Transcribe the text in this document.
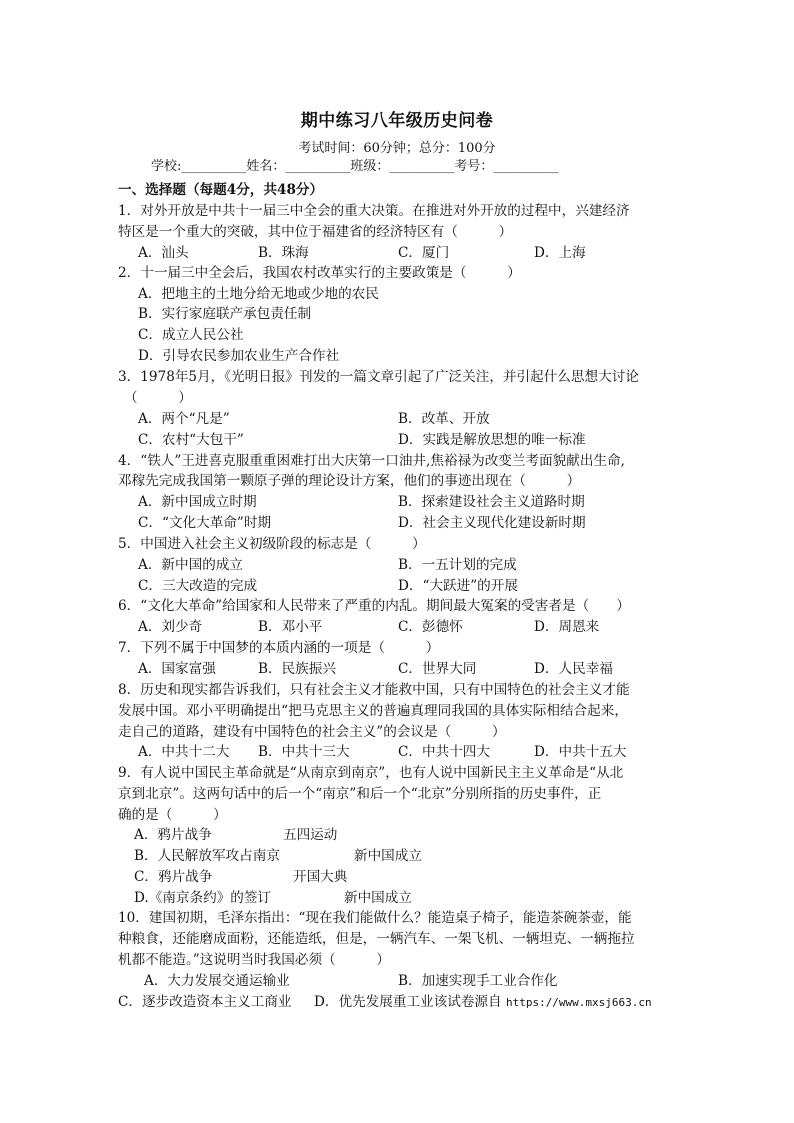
期中练习八年级历史问卷
考试时间：60分钟；总分：100分
学校:__________姓名：__________班级：__________考号：__________
一、选择题（每题4分，共48分）
1．对外开放是中共十一届三中全会的重大决策。在推进对外开放的过程中，兴建经济
特区是一个重大的突破，其中位于福建省的经济特区有（　　　）
A．汕头	B．珠海	C．厦门	D．上海
2．十一届三中全会后，我国农村改革实行的主要政策是（　　　）
A．把地主的土地分给无地或少地的农民
B．实行家庭联产承包责任制
C．成立人民公社
D．引导农民参加农业生产合作社
3．1978年5月，《光明日报》刊发的一篇文章引起了广泛关注，并引起什么思想大讨论
（　　　）
A．两个“凡是”	B．改革、开放
C．农村“大包干”	D．实践是解放思想的唯一标准
4．“铁人”王进喜克服重重困难打出大庆第一口油井,焦裕禄为改变兰考面貌献出生命,
邓稼先完成我国第一颗原子弹的理论设计方案，他们的事迹出现在（　　　）
A．新中国成立时期	B．探索建设社会主义道路时期
C．“文化大革命”时期	D．社会主义现代化建设新时期
5．中国进入社会主义初级阶段的标志是（　　　）
A．新中国的成立	B．一五计划的完成
C．三大改造的完成	D．“大跃进”的开展
6．“文化大革命”给国家和人民带来了严重的内乱。期间最大冤案的受害者是（　　）
A．刘少奇	B．邓小平	C．彭德怀	D．周恩来
7．下列不属于中国梦的本质内涵的一项是（　　　）
A．国家富强	B．民族振兴	C．世界大同	D．人民幸福
8．历史和现实都告诉我们，只有社会主义才能救中国，只有中国特色的社会主义才能
发展中国。邓小平明确提出“把马克思主义的普遍真理同我国的具体实际相结合起来，
走自己的道路，建设有中国特色的社会主义”的会议是（　　　）
A．中共十二大 B．中共十三大	C．中共十四大	D．中共十五大
9．有人说中国民主革命就是“从南京到南京”，也有人说中国新民主主义革命是“从北
京到北京”。这两句话中的后一个“南京”和后一个“北京”分别所指的历史事件，正
确的是（　　　）
A．鸦片战争	五四运动
B．人民解放军攻占南京	新中国成立
C．鸦片战争	开国大典
D.《南京条约》的签订	新中国成立
10．建国初期，毛泽东指出：“现在我们能做什么？能造桌子椅子，能造茶碗茶壶，能
种粮食，还能磨成面粉，还能造纸，但是，一辆汽车、一架飞机、一辆坦克、一辆拖拉
机都不能造。”这说明当时我国必须（　　　）
A．大力发展交通运输业	B．加速实现手工业合作化
C．逐步改造资本主义工商业 D．优先发展重工业该试卷源自 https://www.mxsj663.cn
